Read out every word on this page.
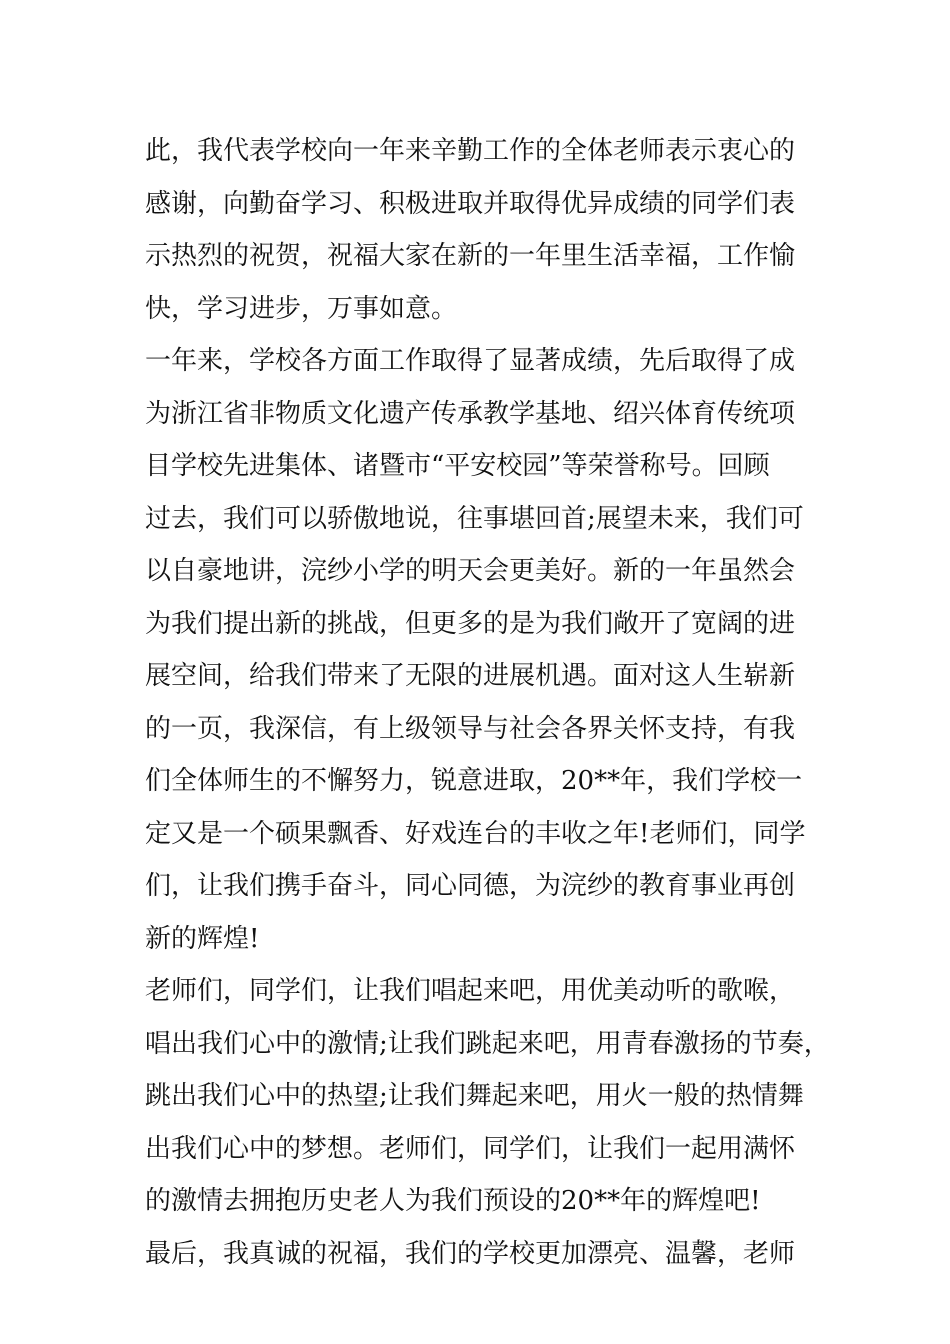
此，我代表学校向一年来辛勤工作的全体老师表示衷心的
感谢，向勤奋学习、积极进取并取得优异成绩的同学们表
示热烈的祝贺，祝福大家在新的一年里生活幸福，工作愉
快，学习进步，万事如意。
一年来，学校各方面工作取得了显著成绩，先后取得了成
为浙江省非物质文化遗产传承教学基地、绍兴体育传统项
目学校先进集体、诸暨市“平安校园”等荣誉称号。回顾
过去，我们可以骄傲地说，往事堪回首;展望未来，我们可
以自豪地讲，浣纱小学的明天会更美好。新的一年虽然会
为我们提出新的挑战，但更多的是为我们敞开了宽阔的进
展空间，给我们带来了无限的进展机遇。面对这人生崭新
的一页，我深信，有上级领导与社会各界关怀支持，有我
们全体师生的不懈努力，锐意进取，20**年，我们学校一
定又是一个硕果飘香、好戏连台的丰收之年!老师们，同学
们，让我们携手奋斗，同心同德，为浣纱的教育事业再创
新的辉煌!
老师们，同学们，让我们唱起来吧，用优美动听的歌喉，
唱出我们心中的激情;让我们跳起来吧，用青春激扬的节奏，
跳出我们心中的热望;让我们舞起来吧，用火一般的热情舞
出我们心中的梦想。老师们，同学们，让我们一起用满怀
的激情去拥抱历史老人为我们预设的20**年的辉煌吧!
最后，我真诚的祝福，我们的学校更加漂亮、温馨，老师
